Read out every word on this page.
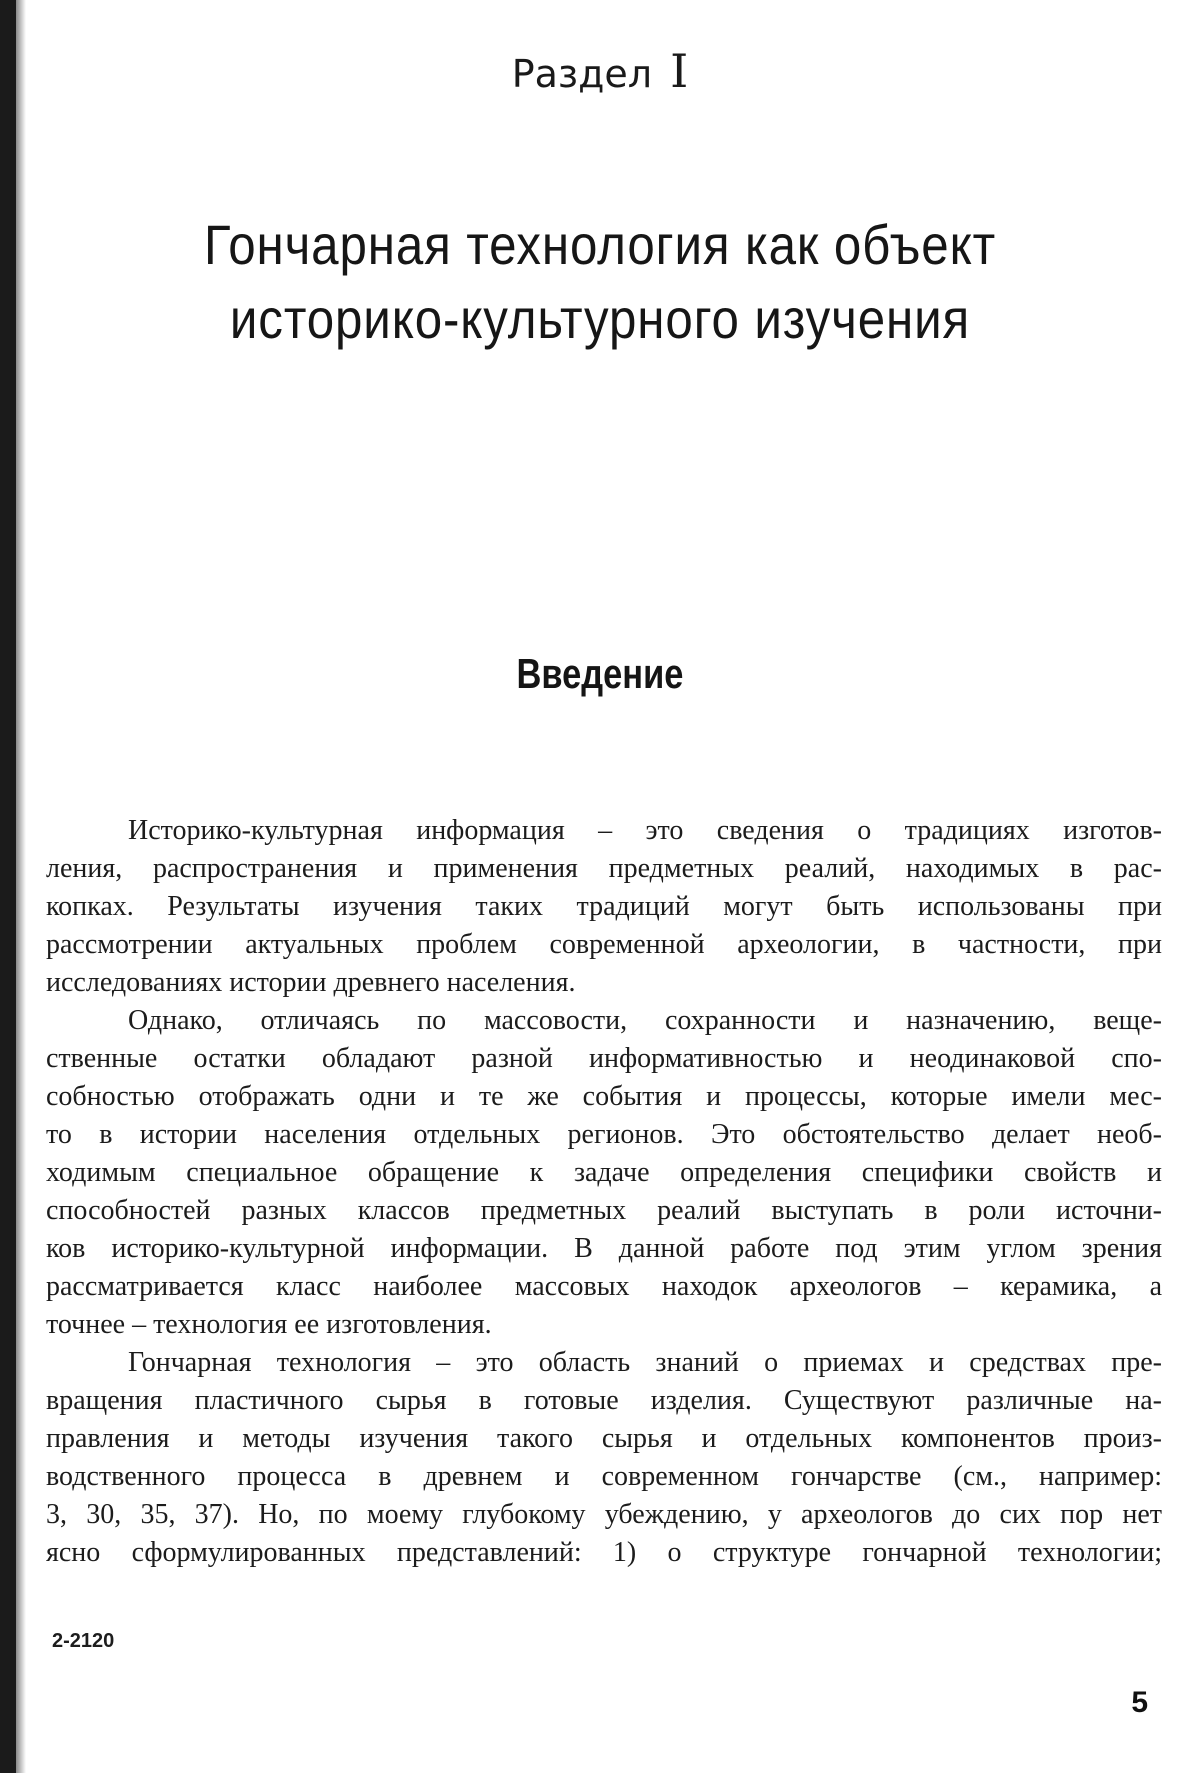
Раздел I
Гончарная технология как объект
историко-культурного изучения
Введение

Историко-культурная информация – это сведения о традициях изготов-
ления, распространения и применения предметных реалий, находимых в рас-
копках. Результаты изучения таких традиций могут быть использованы при
рассмотрении актуальных проблем современной археологии, в частности, при
исследованиях истории древнего населения.

Однако, отличаясь по массовости, сохранности и назначению, веще-
ственные остатки обладают разной информативностью и неодинаковой спо-
собностью отображать одни и те же события и процессы, которые имели мес-
то в истории населения отдельных регионов. Это обстоятельство делает необ-
ходимым специальное обращение к задаче определения специфики свойств и
способностей разных классов предметных реалий выступать в роли источни-
ков историко-культурной информации. В данной работе под этим углом зрения
рассматривается класс наиболее массовых находок археологов – керамика, а
точнее – технология ее изготовления.

Гончарная технология – это область знаний о приемах и средствах пре-
вращения пластичного сырья в готовые изделия. Существуют различные на-
правления и методы изучения такого сырья и отдельных компонентов произ-
водственного процесса в древнем и современном гончарстве (см., например:
3, 30, 35, 37). Но, по моему глубокому убеждению, у археологов до сих пор нет
ясно сформулированных представлений: 1) о структуре гончарной технологии;

2-2120
5
